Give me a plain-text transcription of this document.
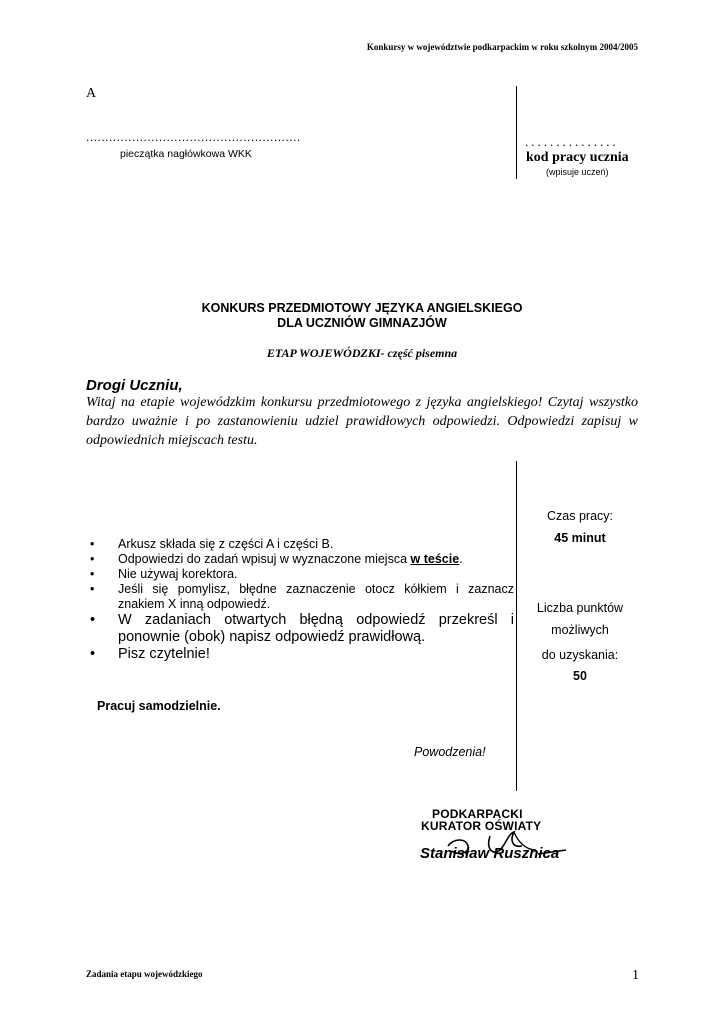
Konkursy w województwie podkarpackim w roku szkolnym 2004/2005
A
........................................................
pieczątka nagłówkowa WKK
...............
kod pracy ucznia
(wpisuje uczeń)
KONKURS PRZEDMIOTOWY JĘZYKA ANGIELSKIEGO
DLA UCZNIÓW GIMNAZJÓW
ETAP WOJEWÓDZKI- część pisemna
Drogi Uczniu,
Witaj na etapie wojewódzkim konkursu przedmiotowego z języka angielskiego! Czytaj wszystko bardzo uważnie i po zastanowieniu udziel prawidłowych odpowiedzi. Odpowiedzi zapisuj w odpowiednich miejscach testu.
• Arkusz składa się z części A i części B.
• Odpowiedzi do zadań wpisuj w wyznaczone miejsca w teście.
• Nie używaj korektora.
• Jeśli się pomylisz, błędne zaznaczenie otocz kółkiem i zaznacz znakiem X inną odpowiedź.
• W zadaniach otwartych błędną odpowiedź przekreśl i ponownie (obok) napisz odpowiedź prawidłową.
• Pisz czytelnie!
Pracuj samodzielnie.
Powodzenia!
Czas pracy:
45 minut
Liczba punktów
możliwych
do uzyskania:
50
PODKARPACKI
KURATOR OŚWIATY
Stanisław Rusznica
Zadania etapu wojewódzkiego	1
